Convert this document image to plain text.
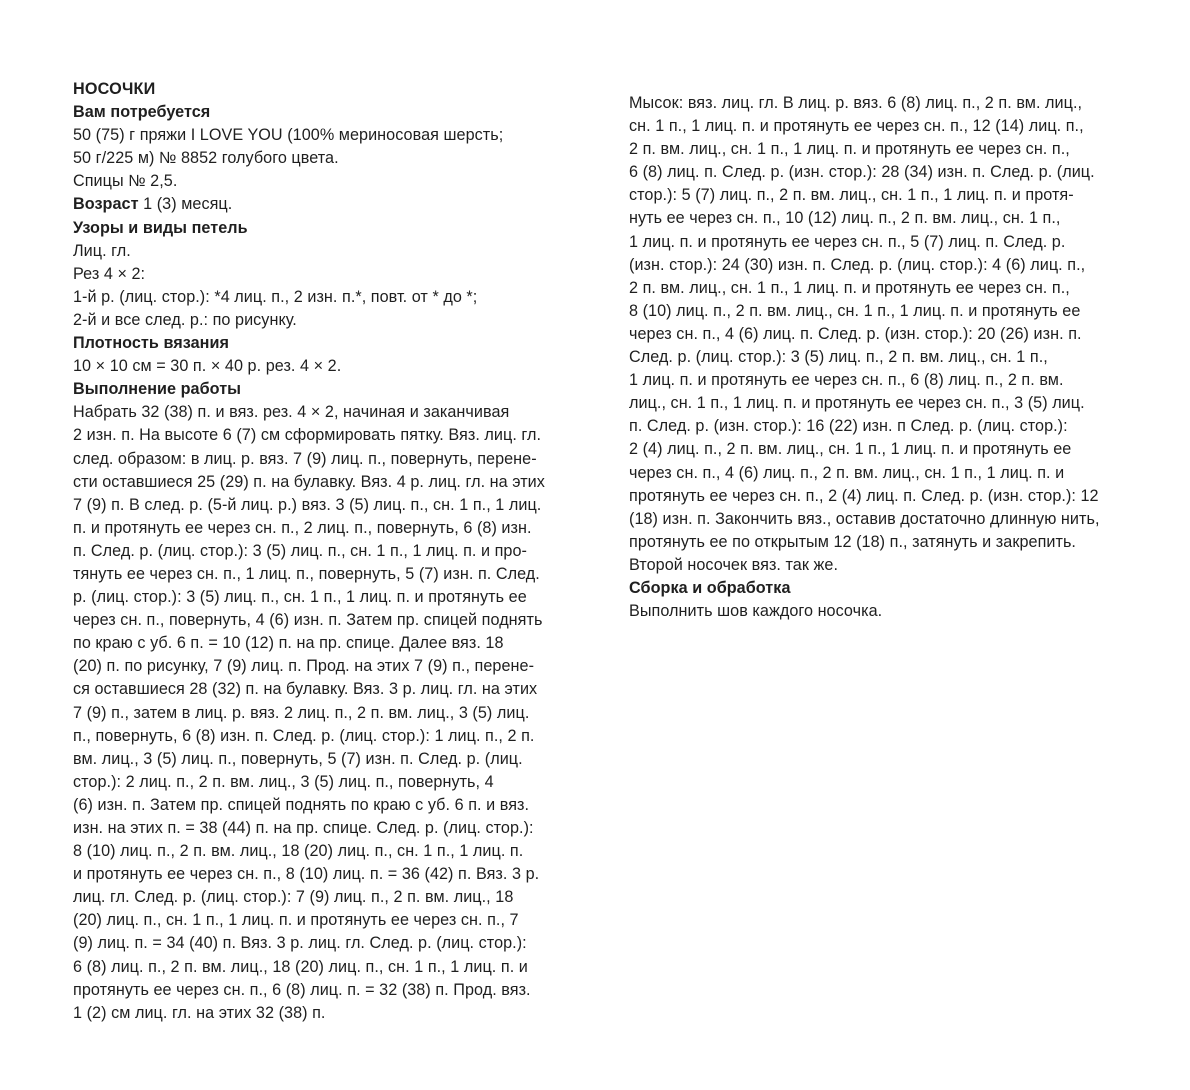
НОСОЧКИ
Вам потребуется
50 (75) г пряжи I LOVE YOU (100% мериносовая шерсть;
50 г/225 м) № 8852 голубого цвета.
Спицы № 2,5.
Возраст 1 (3) месяц.
Узоры и виды петель
Лиц. гл.
Рез 4 × 2:
1-й р. (лиц. стор.): *4 лиц. п., 2 изн. п.*, повт. от * до *;
2-й и все след. р.: по рисунку.
Плотность вязания
10 × 10 см = 30 п. × 40 р. рез. 4 × 2.
Выполнение работы
Набрать 32 (38) п. и вяз. рез. 4 × 2, начиная и заканчивая
2 изн. п. На высоте 6 (7) см сформировать пятку. Вяз. лиц. гл.
след. образом: в лиц. р. вяз. 7 (9) лиц. п., повернуть, перене-
сти оставшиеся 25 (29) п. на булавку. Вяз. 4 р. лиц. гл. на этих
7 (9) п. В след. р. (5-й лиц. р.) вяз. 3 (5) лиц. п., сн. 1 п., 1 лиц.
п. и протянуть ее через сн. п., 2 лиц. п., повернуть, 6 (8) изн.
п. След. р. (лиц. стор.): 3 (5) лиц. п., сн. 1 п., 1 лиц. п. и про-
тянуть ее через сн. п., 1 лиц. п., повернуть, 5 (7) изн. п. След.
р. (лиц. стор.): 3 (5) лиц. п., сн. 1 п., 1 лиц. п. и протянуть ее
через сн. п., повернуть, 4 (6) изн. п. Затем пр. спицей поднять
по краю с уб. 6 п. = 10 (12) п. на пр. спице. Далее вяз. 18
(20) п. по рисунку, 7 (9) лиц. п. Прод. на этих 7 (9) п., перене-
ся оставшиеся 28 (32) п. на булавку. Вяз. 3 р. лиц. гл. на этих
7 (9) п., затем в лиц. р. вяз. 2 лиц. п., 2 п. вм. лиц., 3 (5) лиц.
п., повернуть, 6 (8) изн. п. След. р. (лиц. стор.): 1 лиц. п., 2 п.
вм. лиц., 3 (5) лиц. п., повернуть, 5 (7) изн. п. След. р. (лиц.
стор.): 2 лиц. п., 2 п. вм. лиц., 3 (5) лиц. п., повернуть, 4
(6) изн. п. Затем пр. спицей поднять по краю с уб. 6 п. и вяз.
изн. на этих п. = 38 (44) п. на пр. спице. След. р. (лиц. стор.):
8 (10) лиц. п., 2 п. вм. лиц., 18 (20) лиц. п., сн. 1 п., 1 лиц. п.
и протянуть ее через сн. п., 8 (10) лиц. п. = 36 (42) п. Вяз. 3 р.
лиц. гл. След. р. (лиц. стор.): 7 (9) лиц. п., 2 п. вм. лиц., 18
(20) лиц. п., сн. 1 п., 1 лиц. п. и протянуть ее через сн. п., 7
(9) лиц. п. = 34 (40) п. Вяз. 3 р. лиц. гл. След. р. (лиц. стор.):
6 (8) лиц. п., 2 п. вм. лиц., 18 (20) лиц. п., сн. 1 п., 1 лиц. п. и
протянуть ее через сн. п., 6 (8) лиц. п. = 32 (38) п. Прод. вяз.
1 (2) см лиц. гл. на этих 32 (38) п.
Мысок: вяз. лиц. гл. В лиц. р. вяз. 6 (8) лиц. п., 2 п. вм. лиц.,
сн. 1 п., 1 лиц. п. и протянуть ее через сн. п., 12 (14) лиц. п.,
2 п. вм. лиц., сн. 1 п., 1 лиц. п. и протянуть ее через сн. п.,
6 (8) лиц. п. След. р. (изн. стор.): 28 (34) изн. п. След. р. (лиц.
стор.): 5 (7) лиц. п., 2 п. вм. лиц., сн. 1 п., 1 лиц. п. и протя-
нуть ее через сн. п., 10 (12) лиц. п., 2 п. вм. лиц., сн. 1 п.,
1 лиц. п. и протянуть ее через сн. п., 5 (7) лиц. п. След. р.
(изн. стор.): 24 (30) изн. п. След. р. (лиц. стор.): 4 (6) лиц. п.,
2 п. вм. лиц., сн. 1 п., 1 лиц. п. и протянуть ее через сн. п.,
8 (10) лиц. п., 2 п. вм. лиц., сн. 1 п., 1 лиц. п. и протянуть ее
через сн. п., 4 (6) лиц. п. След. р. (изн. стор.): 20 (26) изн. п.
След. р. (лиц. стор.): 3 (5) лиц. п., 2 п. вм. лиц., сн. 1 п.,
1 лиц. п. и протянуть ее через сн. п., 6 (8) лиц. п., 2 п. вм.
лиц., сн. 1 п., 1 лиц. п. и протянуть ее через сн. п., 3 (5) лиц.
п. След. р. (изн. стор.): 16 (22) изн. п След. р. (лиц. стор.):
2 (4) лиц. п., 2 п. вм. лиц., сн. 1 п., 1 лиц. п. и протянуть ее
через сн. п., 4 (6) лиц. п., 2 п. вм. лиц., сн. 1 п., 1 лиц. п. и
протянуть ее через сн. п., 2 (4) лиц. п. След. р. (изн. стор.): 12
(18) изн. п. Закончить вяз., оставив достаточно длинную нить,
протянуть ее по открытым 12 (18) п., затянуть и закрепить.
Второй носочек вяз. так же.
Сборка и обработка
Выполнить шов каждого носочка.
